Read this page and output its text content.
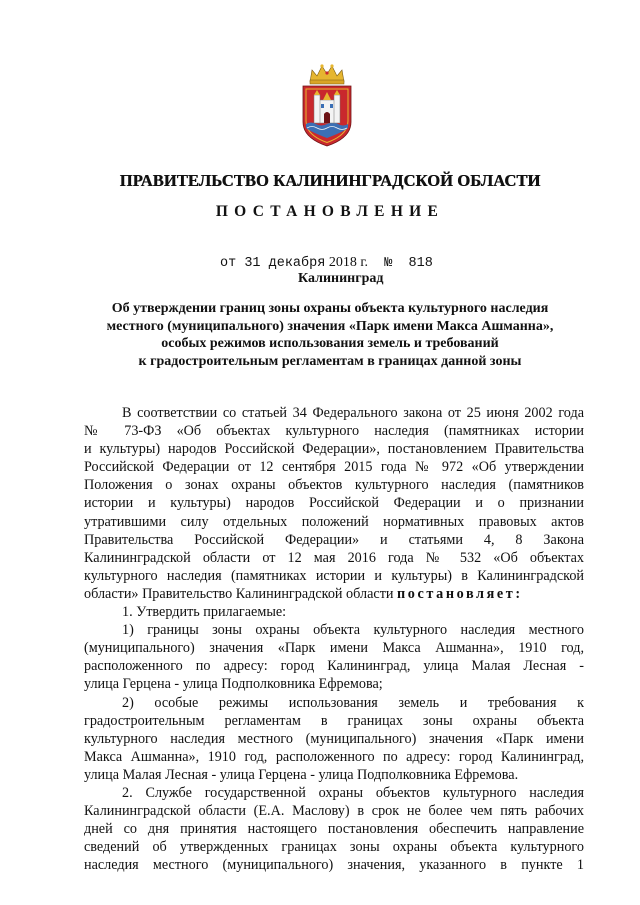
ПРАВИТЕЛЬСТВО КАЛИНИНГРАДСКОЙ ОБЛАСТИ
ПОСТАНОВЛЕНИЕ
от 31 декабря 2018 г.  №  818
Калининград
Об утверждении границ зоны охраны объекта культурного наследия
местного (муниципального) значения «Парк имени Макса Ашманна»,
особых режимов использования земель и требований
к градостроительным регламентам в границах данной зоны
В соответствии со статьей 34 Федерального закона от 25 июня 2002 года
№ 73-ФЗ «Об объектах культурного наследия (памятниках истории
и культуры) народов Российской Федерации», постановлением Правительства
Российской Федерации от 12 сентября 2015 года № 972 «Об утверждении
Положения о зонах охраны объектов культурного наследия (памятников
истории и культуры) народов Российской Федерации и о признании
утратившими силу отдельных положений нормативных правовых актов
Правительства Российской Федерации» и статьями 4, 8 Закона
Калининградской области от 12 мая 2016 года № 532 «Об объектах
культурного наследия (памятниках истории и культуры) в Калининградской
области» Правительство Калининградской области постановляет:
1. Утвердить прилагаемые:
1) границы зоны охраны объекта культурного наследия местного
(муниципального) значения «Парк имени Макса Ашманна», 1910 год,
расположенного по адресу: город Калининград, улица Малая Лесная -
улица Герцена - улица Подполковника Ефремова;
2) особые режимы использования земель и требования к
градостроительным регламентам в границах зоны охраны объекта
культурного наследия местного (муниципального) значения «Парк имени
Макса Ашманна», 1910 год, расположенного по адресу: город Калининград,
улица Малая Лесная - улица Герцена - улица Подполковника Ефремова.
2. Службе государственной охраны объектов культурного наследия
Калининградской области (Е.А. Маслову) в срок не более чем пять рабочих
дней со дня принятия настоящего постановления обеспечить направление
сведений об утвержденных границах зоны охраны объекта культурного
наследия местного (муниципального) значения, указанного в пункте 1
